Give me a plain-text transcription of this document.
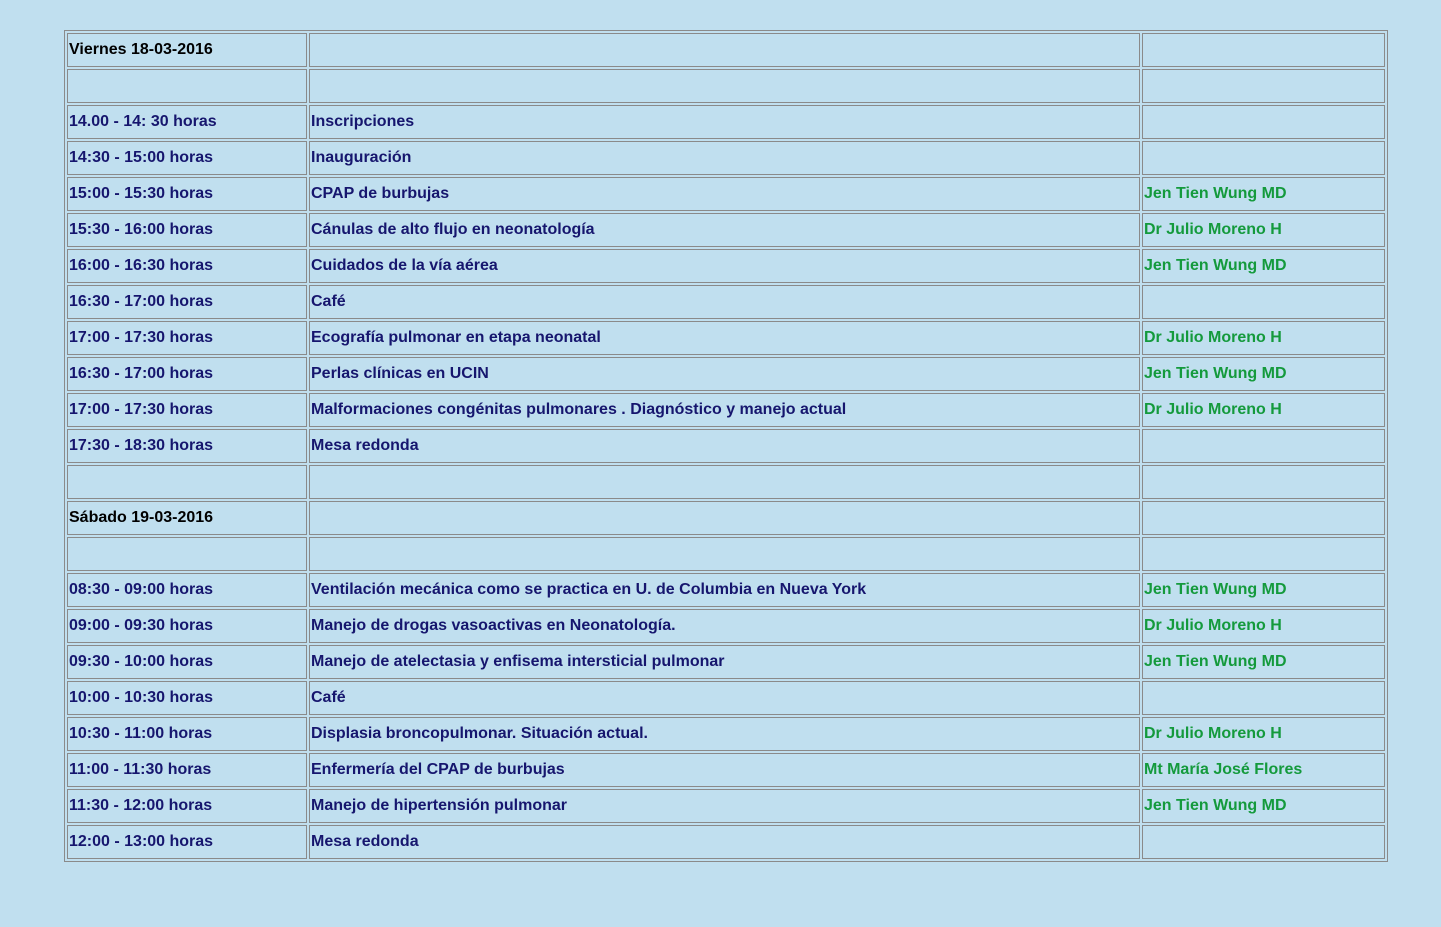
Viernes 18-03-2016		

14.00 - 14: 30 horas	Inscripciones	
14:30 - 15:00 horas	Inauguración	
15:00 - 15:30 horas	CPAP de burbujas	Jen Tien Wung MD
15:30 - 16:00 horas	Cánulas de alto flujo en neonatología	Dr Julio Moreno H
16:00 - 16:30 horas	Cuidados de la vía aérea	Jen Tien Wung MD
16:30 - 17:00 horas	Café	
17:00 - 17:30 horas	Ecografía pulmonar en etapa neonatal	Dr Julio Moreno H
16:30 - 17:00 horas	Perlas clínicas en UCIN	Jen Tien Wung MD
17:00 - 17:30 horas	Malformaciones congénitas pulmonares . Diagnóstico y manejo actual	Dr Julio Moreno H
17:30 - 18:30 horas	Mesa redonda	

Sábado 19-03-2016		

08:30 - 09:00 horas	Ventilación mecánica como se practica en U. de Columbia en Nueva York	Jen Tien Wung MD
09:00 - 09:30 horas	Manejo de drogas vasoactivas en Neonatología.	Dr Julio Moreno H
09:30 - 10:00 horas	Manejo de atelectasia y enfisema intersticial pulmonar	Jen Tien Wung MD
10:00 - 10:30 horas	Café	
10:30 - 11:00 horas	Displasia broncopulmonar. Situación actual.	Dr Julio Moreno H
11:00 - 11:30 horas	Enfermería del CPAP de burbujas	Mt María José Flores
11:30 - 12:00 horas	Manejo de hipertensión pulmonar	Jen Tien Wung MD
12:00 - 13:00 horas	Mesa redonda	
